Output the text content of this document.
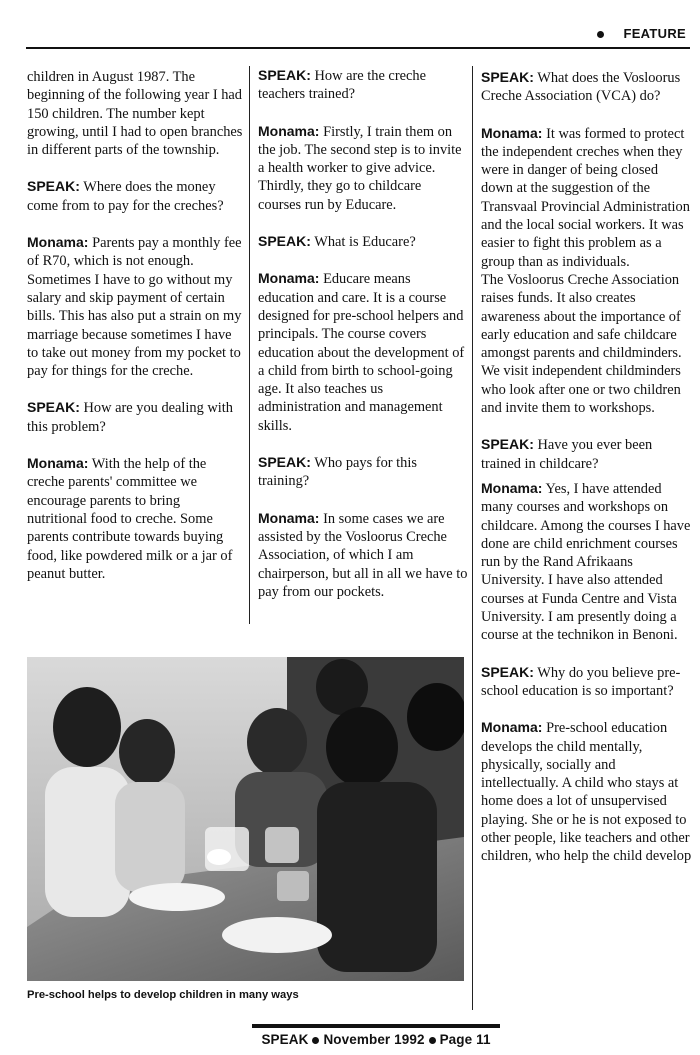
FEATURE

children in August 1987. The beginning of the following year I had 150 children. The number kept growing, until I had to open branches in different parts of the township.

SPEAK: Where does the money come from to pay for the creches?

Monama: Parents pay a monthly fee of R70, which is not enough. Sometimes I have to go without my salary and skip payment of certain bills. This has also put a strain on my marriage because sometimes I have to take out money from my pocket to pay for things for the creche.

SPEAK: How are you dealing with this problem?

Monama: With the help of the creche parents' committee we encourage parents to bring nutritional food to creche. Some parents contribute towards buying food, like powdered milk or a jar of peanut butter.

SPEAK: How are the creche teachers trained?

Monama: Firstly, I train them on the job. The second step is to invite a health worker to give advice. Thirdly, they go to childcare courses run by Educare.

SPEAK: What is Educare?

Monama: Educare means education and care. It is a course designed for pre-school helpers and principals. The course covers education about the development of a child from birth to school-going age. It also teaches us administration and management skills.

SPEAK: Who pays for this training?

Monama: In some cases we are assisted by the Vosloorus Creche Association, of which I am chairperson, but all in all we have to pay from our pockets.

SPEAK: What does the Vosloorus Creche Association (VCA) do?

Monama: It was formed to protect the independent creches when they were in danger of being closed down at the suggestion of the Transvaal Provincial Administration and the local social workers. It was easier to fight this problem as a group than as individuals.

The Vosloorus Creche Association raises funds. It also creates awareness about the importance of early education and safe childcare amongst parents and childminders. We visit independent childminders who look after one or two children and invite them to workshops.

SPEAK: Have you ever been trained in childcare?

Monama: Yes, I have attended many courses and workshops on childcare. Among the courses I have done are child enrichment courses run by the Rand Afrikaans University. I have also attended courses at Funda Centre and Vista University. I am presently doing a course at the technikon in Benoni.

SPEAK: Why do you believe pre-school education is so important?

Monama: Pre-school education develops the child mentally, physically, socially and intellectually. A child who stays at home does a lot of unsupervised playing. She or he is not exposed to other people, like teachers and other children, who help the child develop

Pre-school helps to develop children in many ways
SPEAK November 1992 Page 11
